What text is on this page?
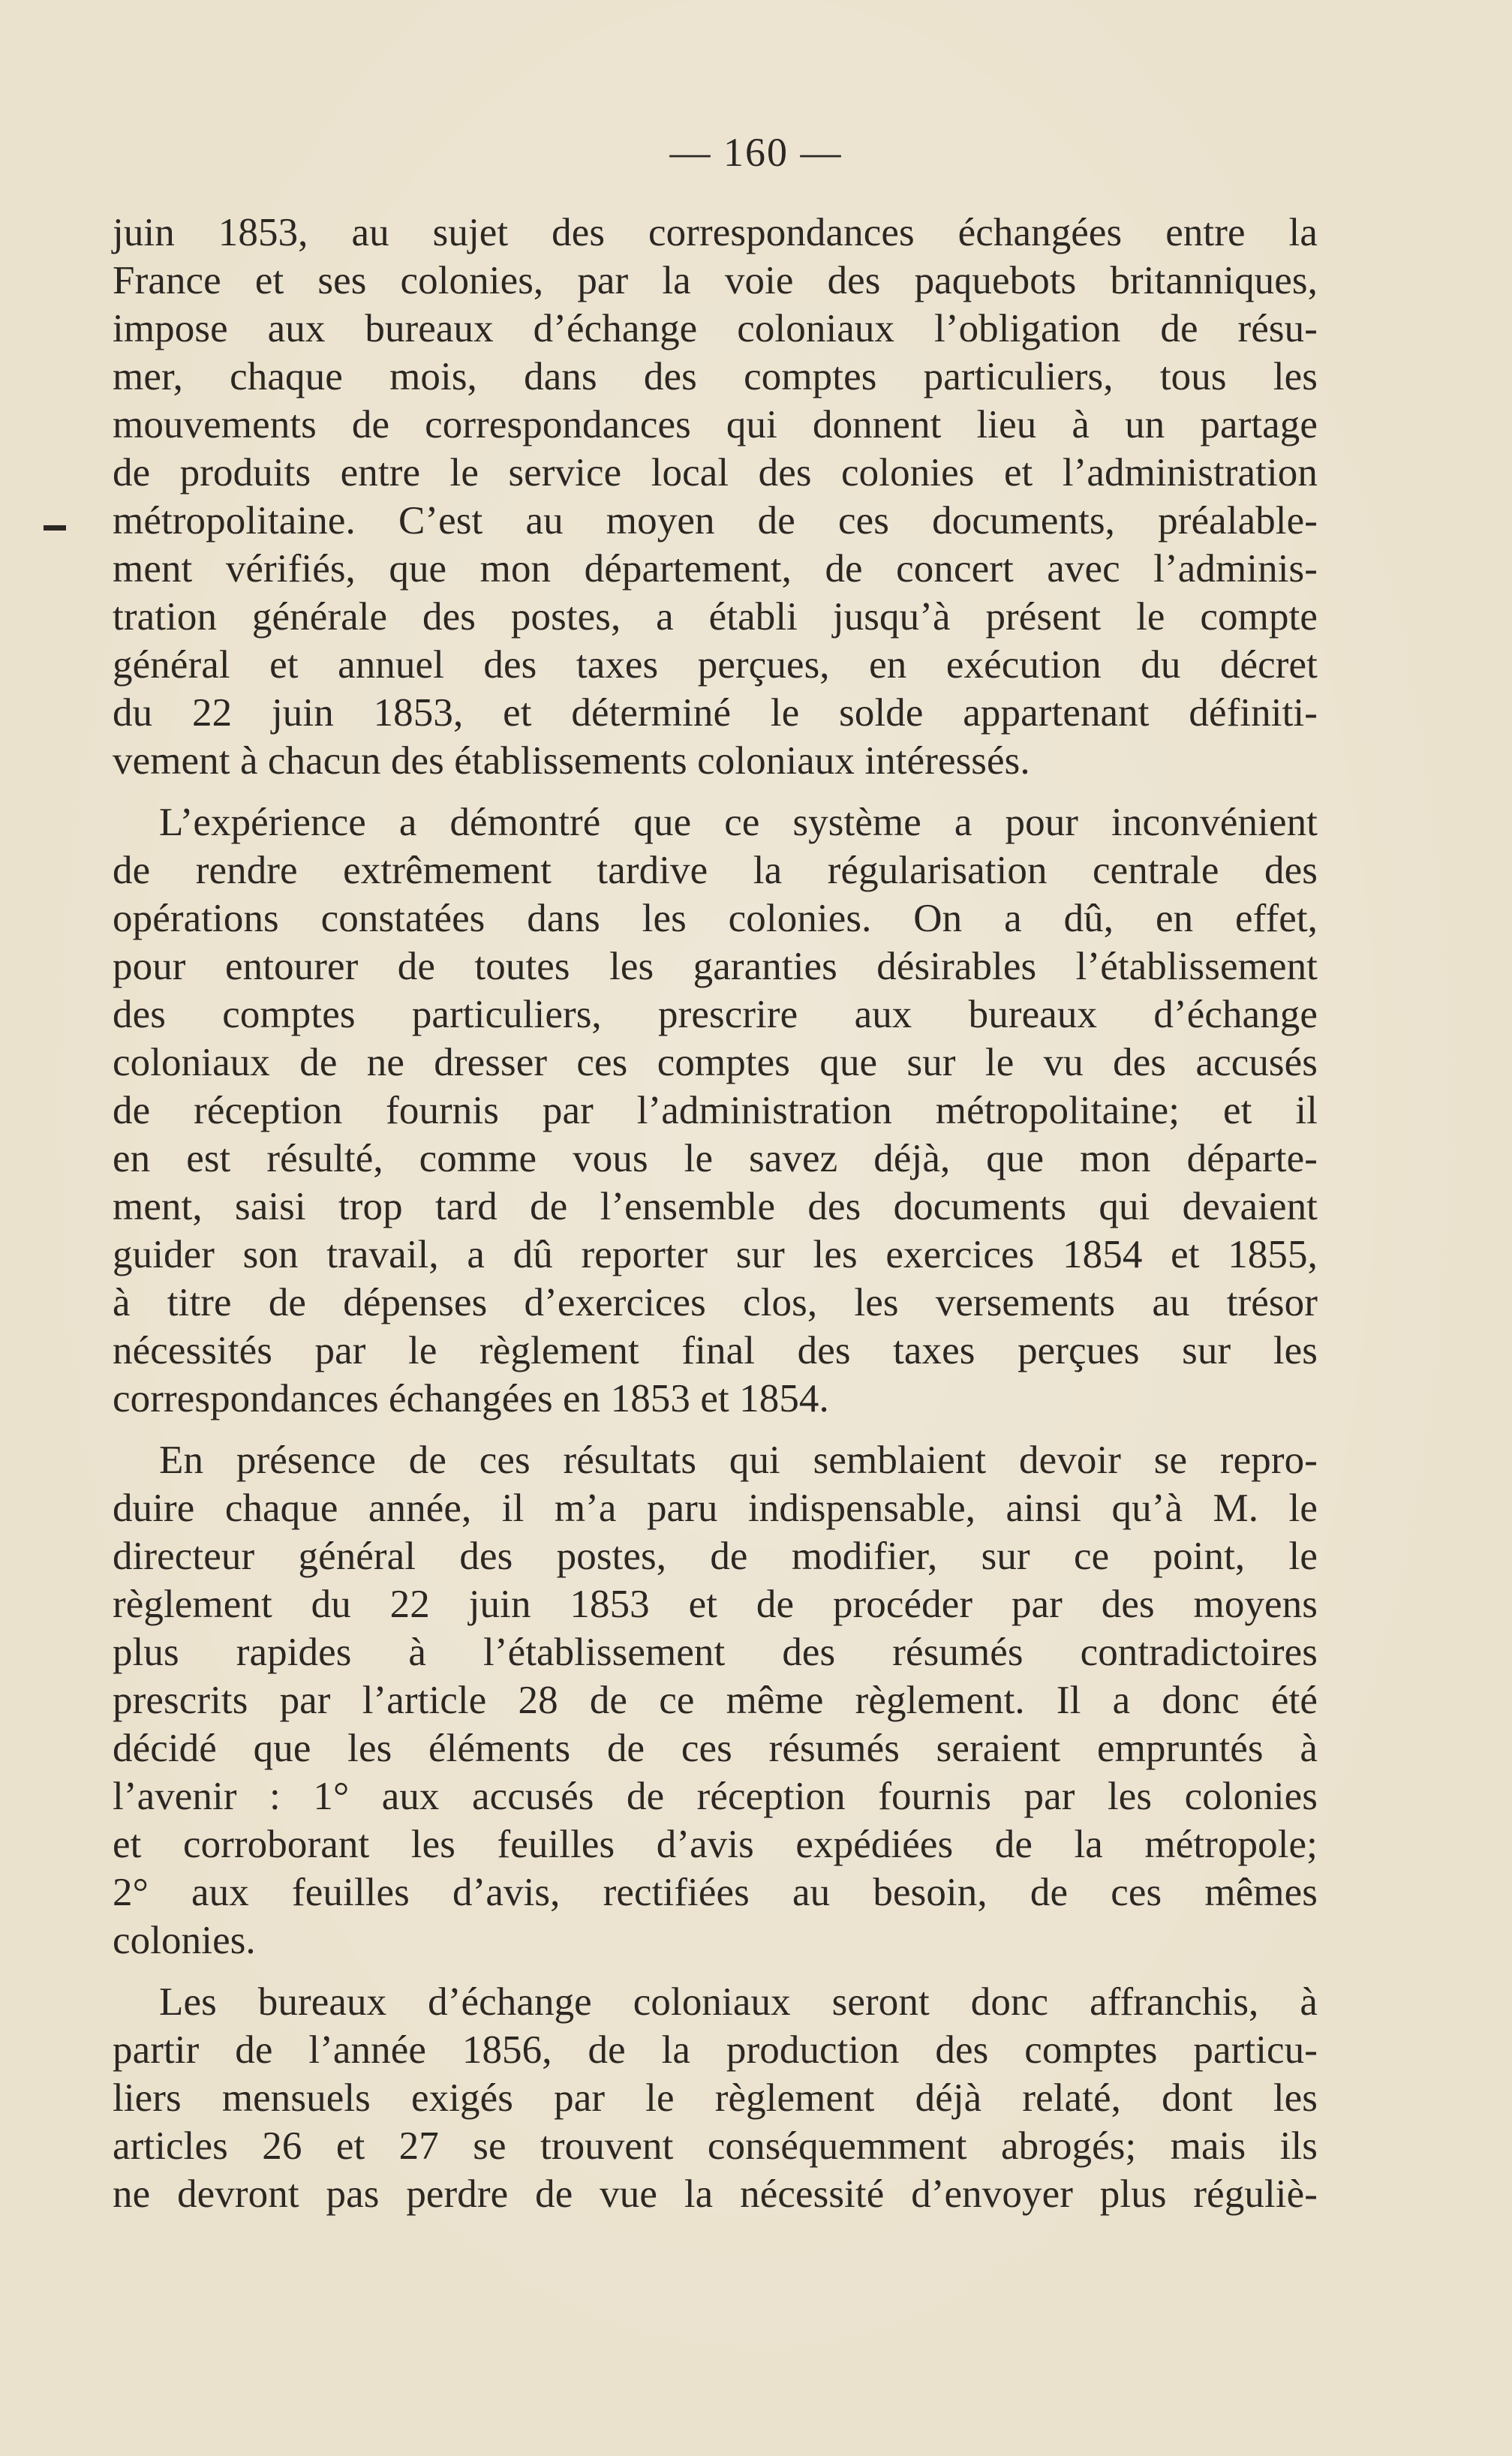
— 160 —
juin 1853, au sujet des correspondances échangées entre la
France et ses colonies, par la voie des paquebots britanniques,
impose aux bureaux d’échange coloniaux l’obligation de résu-
mer, chaque mois, dans des comptes particuliers, tous les
mouvements de correspondances qui donnent lieu à un partage
de produits entre le service local des colonies et l’administration
métropolitaine. C’est au moyen de ces documents, préalable-
ment vérifiés, que mon département, de concert avec l’adminis-
tration générale des postes, a établi jusqu’à présent le compte
général et annuel des taxes perçues, en exécution du décret
du 22 juin 1853, et déterminé le solde appartenant définiti-
vement à chacun des établissements coloniaux intéressés.
L’expérience a démontré que ce système a pour inconvénient
de rendre extrêmement tardive la régularisation centrale des
opérations constatées dans les colonies. On a dû, en effet,
pour entourer de toutes les garanties désirables l’établissement
des comptes particuliers, prescrire aux bureaux d’échange
coloniaux de ne dresser ces comptes que sur le vu des accusés
de réception fournis par l’administration métropolitaine; et il
en est résulté, comme vous le savez déjà, que mon départe-
ment, saisi trop tard de l’ensemble des documents qui devaient
guider son travail, a dû reporter sur les exercices 1854 et 1855,
à titre de dépenses d’exercices clos, les versements au trésor
nécessités par le règlement final des taxes perçues sur les
correspondances échangées en 1853 et 1854.
En présence de ces résultats qui semblaient devoir se repro-
duire chaque année, il m’a paru indispensable, ainsi qu’à M. le
directeur général des postes, de modifier, sur ce point, le
règlement du 22 juin 1853 et de procéder par des moyens
plus rapides à l’établissement des résumés contradictoires
prescrits par l’article 28 de ce même règlement. Il a donc été
décidé que les éléments de ces résumés seraient empruntés à
l’avenir : 1° aux accusés de réception fournis par les colonies
et corroborant les feuilles d’avis expédiées de la métropole;
2° aux feuilles d’avis, rectifiées au besoin, de ces mêmes
colonies.
Les bureaux d’échange coloniaux seront donc affranchis, à
partir de l’année 1856, de la production des comptes particu-
liers mensuels exigés par le règlement déjà relaté, dont les
articles 26 et 27 se trouvent conséquemment abrogés; mais ils
ne devront pas perdre de vue la nécessité d’envoyer plus réguliè-
